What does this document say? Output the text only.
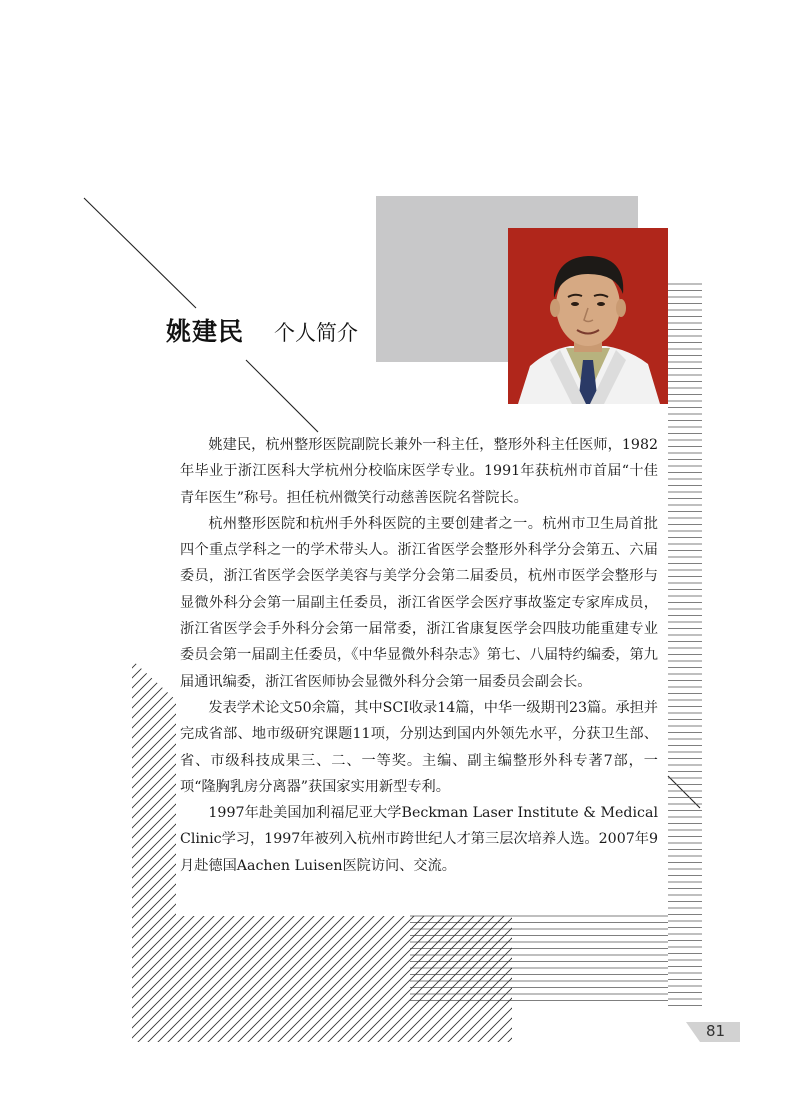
姚建民 个人简介

姚建民，杭州整形医院副院长兼外一科主任，整形外科主任医师，1982年毕业于浙江医科大学杭州分校临床医学专业。1991年获杭州市首届“十佳青年医生”称号。担任杭州微笑行动慈善医院名誉院长。

杭州整形医院和杭州手外科医院的主要创建者之一。杭州市卫生局首批四个重点学科之一的学术带头人。浙江省医学会整形外科学分会第五、六届委员，浙江省医学会医学美容与美学分会第二届委员，杭州市医学会整形与显微外科分会第一届副主任委员，浙江省医学会医疗事故鉴定专家库成员，浙江省医学会手外科分会第一届常委，浙江省康复医学会四肢功能重建专业委员会第一届副主任委员，《中华显微外科杂志》第七、八届特约编委，第九届通讯编委，浙江省医师协会显微外科分会第一届委员会副会长。

发表学术论文50余篇，其中SCI收录14篇，中华一级期刊23篇。承担并完成省部、地市级研究课题11项，分别达到国内外领先水平，分获卫生部、省、市级科技成果三、二、一等奖。主编、副主编整形外科专著7部，一项“隆胸乳房分离器”获国家实用新型专利。

1997年赴美国加利福尼亚大学Beckman Laser Institute & Medical Clinic学习，1997年被列入杭州市跨世纪人才第三层次培养人选。2007年9月赴德国Aachen Luisen医院访问、交流。

81
